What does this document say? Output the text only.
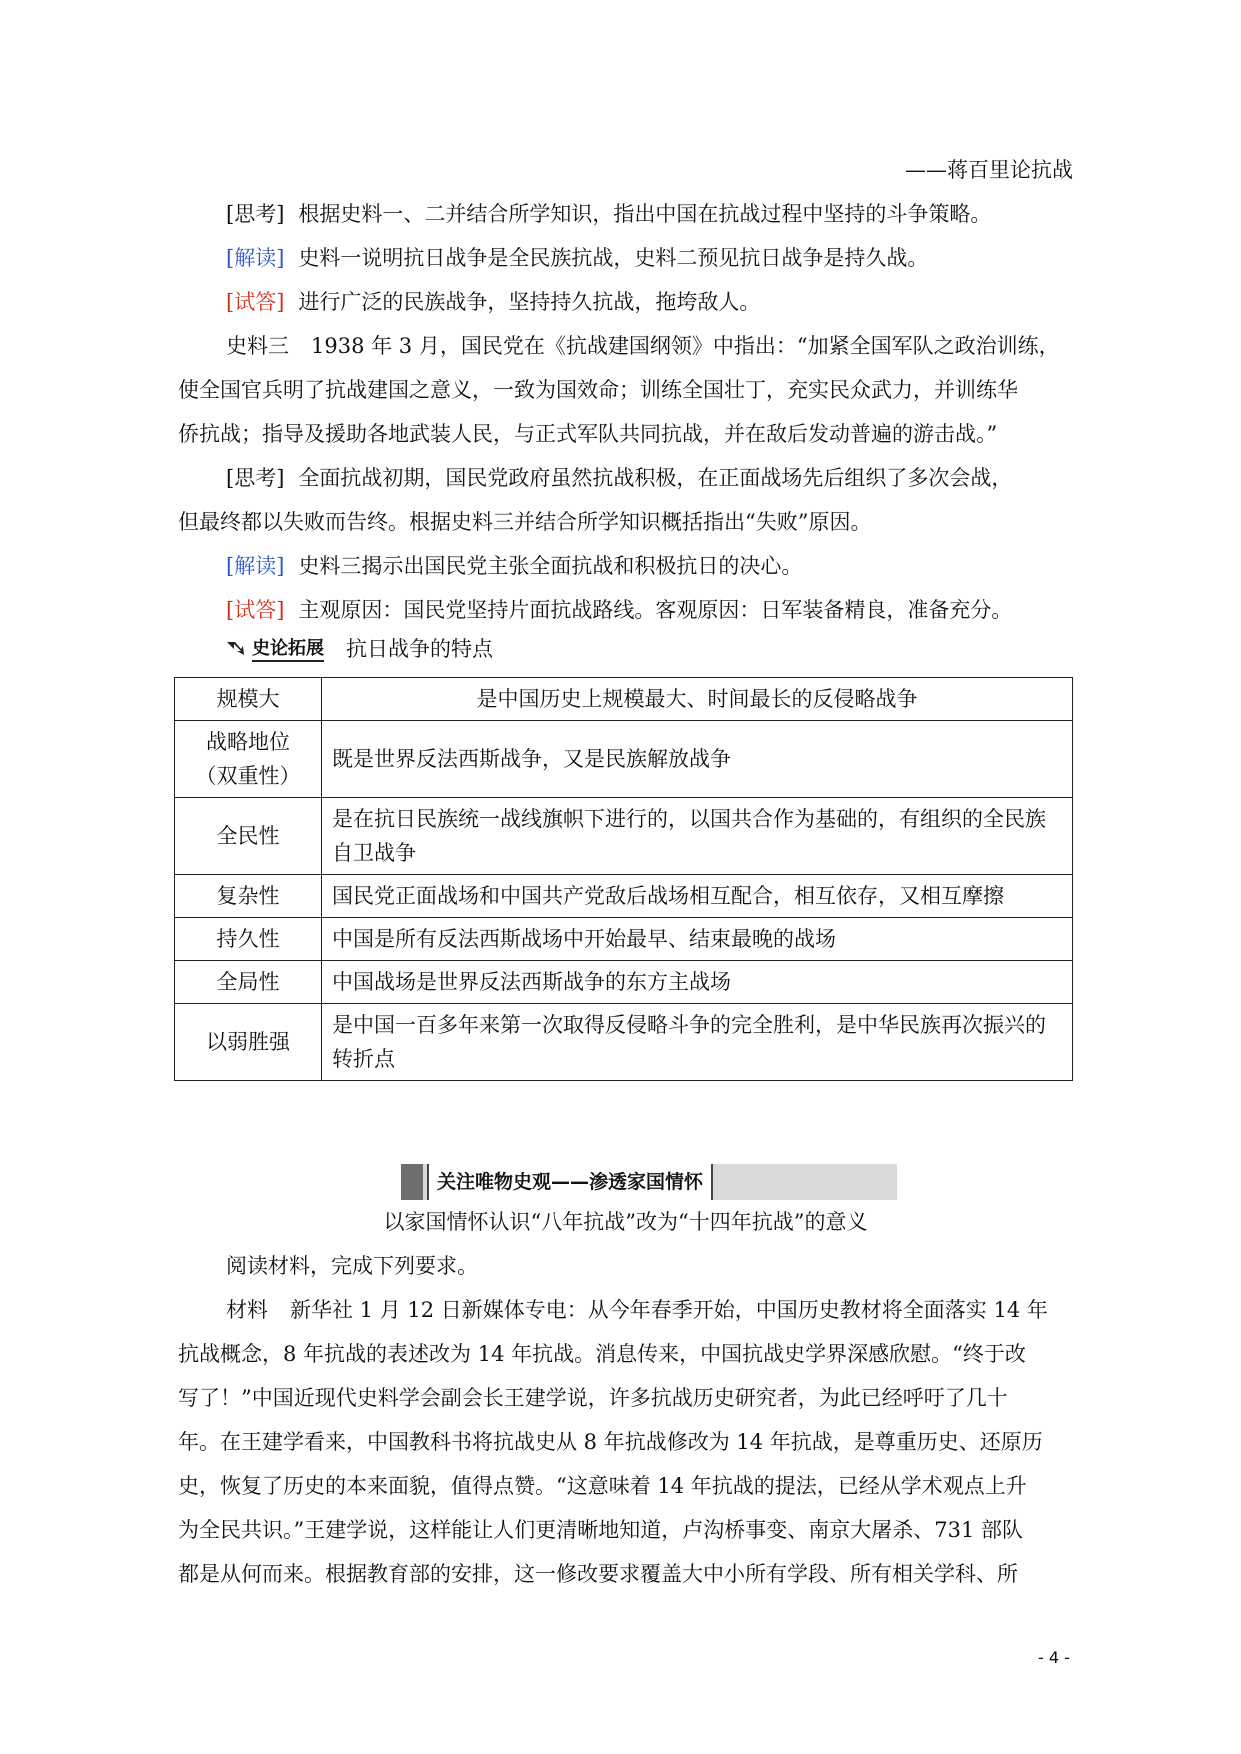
——蒋百里论抗战
[思考] 根据史料一、二并结合所学知识，指出中国在抗战过程中坚持的斗争策略。
[解读] 史料一说明抗日战争是全民族抗战，史料二预见抗日战争是持久战。
[试答] 进行广泛的民族战争，坚持持久抗战，拖垮敌人。
史料三 1938 年 3 月，国民党在《抗战建国纲领》中指出：“加紧全国军队之政治训练，
使全国官兵明了抗战建国之意义，一致为国效命；训练全国壮丁，充实民众武力，并训练华
侨抗战；指导及援助各地武装人民，与正式军队共同抗战，并在敌后发动普遍的游击战。”
[思考] 全面抗战初期，国民党政府虽然抗战积极，在正面战场先后组织了多次会战，
但最终都以失败而告终。根据史料三并结合所学知识概括指出“失败”原因。
[解读] 史料三揭示出国民党主张全面抗战和积极抗日的决心。
[试答] 主观原因：国民党坚持片面抗战路线。客观原因：日军装备精良，准备充分。
史论拓展 抗日战争的特点
规模大	是中国历史上规模最大、时间最长的反侵略战争

战略地位
（双重性）	既是世界反法西斯战争，又是民族解放战争
全民性	是在抗日民族统一战线旗帜下进行的，以国共合作为基础的，有组织的全民族自卫战争
复杂性	国民党正面战场和中国共产党敌后战场相互配合，相互依存，又相互摩擦
持久性	中国是所有反法西斯战场中开始最早、结束最晚的战场
全局性	中国战场是世界反法西斯战争的东方主战场
以弱胜强	是中国一百多年来第一次取得反侵略斗争的完全胜利，是中华民族再次振兴的转折点
关注唯物史观——渗透家国情怀
以家国情怀认识“八年抗战”改为“十四年抗战”的意义
阅读材料，完成下列要求。
材料 新华社 1 月 12 日新媒体专电：从今年春季开始，中国历史教材将全面落实 14 年
抗战概念，8 年抗战的表述改为 14 年抗战。消息传来，中国抗战史学界深感欣慰。“终于改
写了！”中国近现代史料学会副会长王建学说，许多抗战历史研究者，为此已经呼吁了几十
年。在王建学看来，中国教科书将抗战史从 8 年抗战修改为 14 年抗战，是尊重历史、还原历
史，恢复了历史的本来面貌，值得点赞。“这意味着 14 年抗战的提法，已经从学术观点上升
为全民共识。”王建学说，这样能让人们更清晰地知道，卢沟桥事变、南京大屠杀、731 部队
都是从何而来。根据教育部的安排，这一修改要求覆盖大中小所有学段、所有相关学科、所
- 4 -
